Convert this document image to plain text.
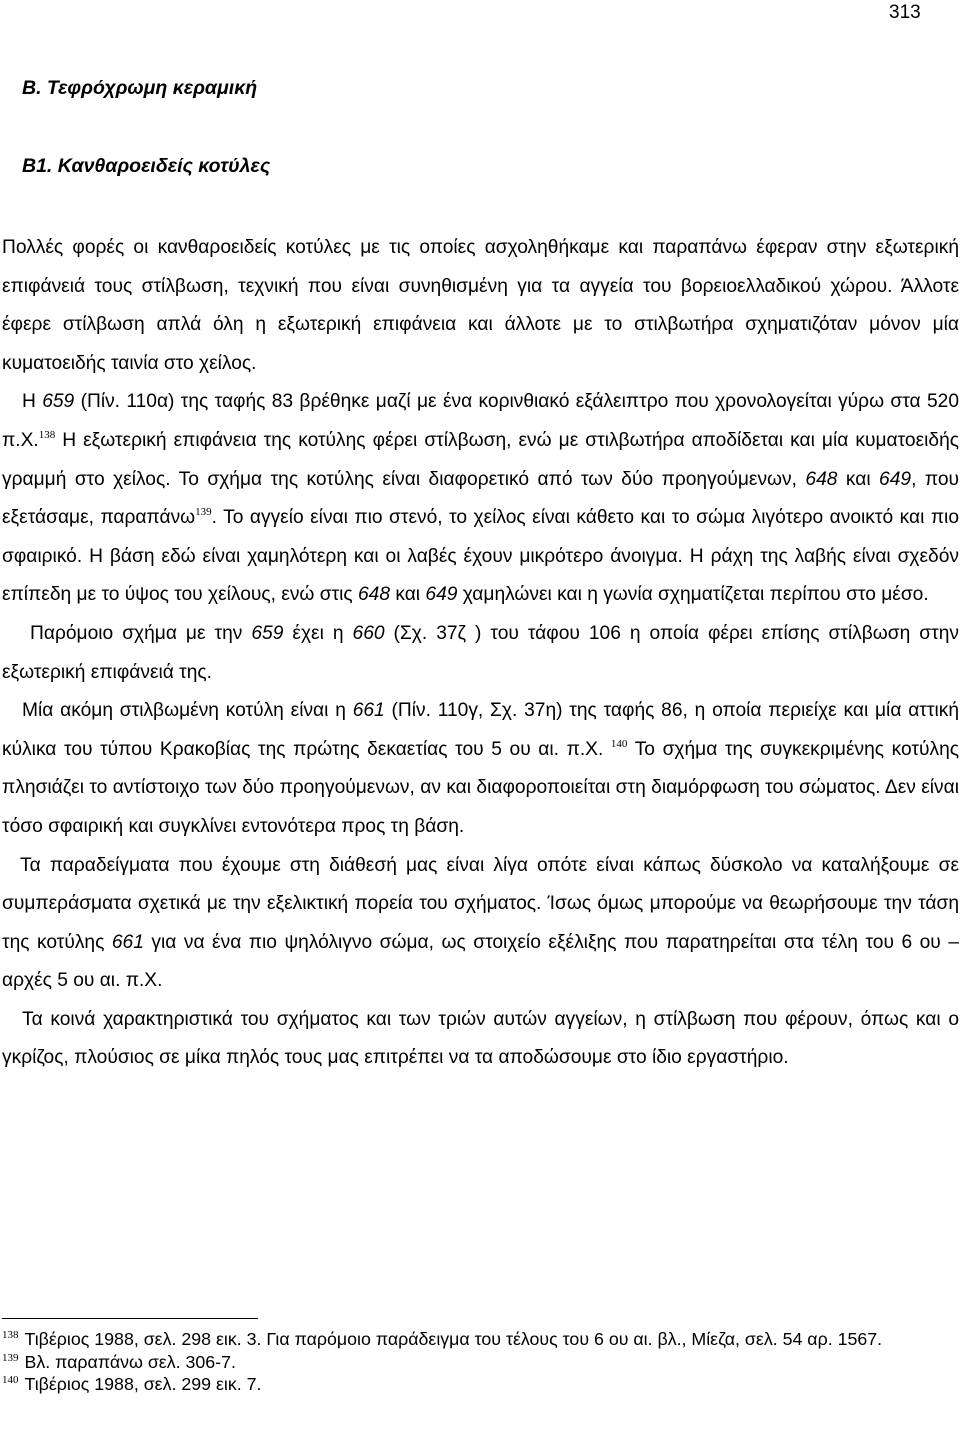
313
B. Τεφρόχρωμη κεραμική
B1. Κανθαροειδείς κοτύλες

Πολλές φορές οι κανθαροειδείς κοτύλες με τις οποίες ασχοληθήκαμε και παραπάνω έφεραν στην εξωτερική επιφάνειά τους στίλβωση, τεχνική που είναι συνηθισμένη για τα αγγεία του βορειοελλαδικού χώρου. Άλλοτε έφερε στίλβωση απλά όλη η εξωτερική επιφάνεια και άλλοτε με το στιλβωτήρα σχηματιζόταν μόνον μία κυματοειδής ταινία στο χείλος.

Η 659 (Πίν. 110α) της ταφής 83 βρέθηκε μαζί με ένα κορινθιακό εξάλειπτρο που χρονολογείται γύρω στα 520 π.Χ.$^{138}$ Η εξωτερική επιφάνεια της κοτύλης φέρει στίλβωση, ενώ με στιλβωτήρα αποδίδεται και μία κυματοειδής γραμμή στο χείλος. Το σχήμα της κοτύλης είναι διαφορετικό από των δύο προηγούμενων, 648 και 649, που εξετάσαμε, παραπάνω$^{139}$. Το αγγείο είναι πιο στενό, το χείλος είναι κάθετο και το σώμα λιγότερο ανοικτό και πιο σφαιρικό. Η βάση εδώ είναι χαμηλότερη και οι λαβές έχουν μικρότερο άνοιγμα. Η ράχη της λαβής είναι σχεδόν επίπεδη με το ύψος του χείλους, ενώ στις 648 και 649 χαμηλώνει και η γωνία σχηματίζεται περίπου στο μέσο.

Παρόμοιο σχήμα με την 659 έχει η 660 (Σχ. 37ζ ) του τάφου 106 η οποία φέρει επίσης στίλβωση στην εξωτερική επιφάνειά της.

Μία ακόμη στιλβωμένη κοτύλη είναι η 661 (Πίν. 110γ, Σχ. 37η) της ταφής 86, η οποία περιείχε και μία αττική κύλικα του τύπου Κρακοβίας της πρώτης δεκαετίας του 5 ου αι. π.Χ. $^{140}$ Το σχήμα της συγκεκριμένης κοτύλης πλησιάζει το αντίστοιχο των δύο προηγούμενων, αν και διαφοροποιείται στη διαμόρφωση του σώματος. Δεν είναι τόσο σφαιρική και συγκλίνει εντονότερα προς τη βάση.

Τα παραδείγματα που έχουμε στη διάθεσή μας είναι λίγα οπότε είναι κάπως δύσκολο να καταλήξουμε σε συμπεράσματα σχετικά με την εξελικτική πορεία του σχήματος. Ίσως όμως μπορούμε να θεωρήσουμε την τάση της κοτύλης 661 για να ένα πιο ψηλόλιγνο σώμα, ως στοιχείο εξέλιξης που παρατηρείται στα τέλη του 6 ου – αρχές 5 ου αι. π.Χ.

Τα κοινά χαρακτηριστικά του σχήματος και των τριών αυτών αγγείων, η στίλβωση που φέρουν, όπως και ο γκρίζος, πλούσιος σε μίκα πηλός τους μας επιτρέπει να τα αποδώσουμε στο ίδιο εργαστήριο.

$^{138}$ Τιβέριος 1988, σελ. 298 εικ. 3. Για παρόμοιο παράδειγμα του τέλους του 6 ου αι. βλ., Μίεζα, σελ. 54 αρ. 1567.

$^{139}$ Βλ. παραπάνω σελ. 306-7.

$^{140}$ Τιβέριος 1988, σελ. 299 εικ. 7.
